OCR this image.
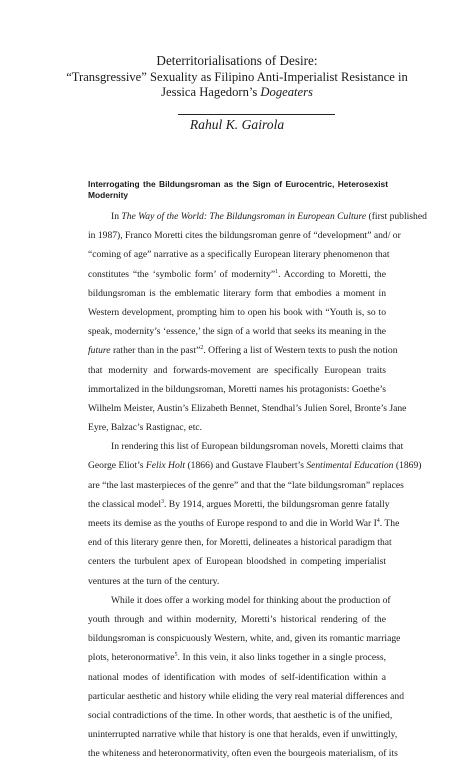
Deterritorialisations of Desire:
“Transgressive” Sexuality as Filipino Anti-Imperialist Resistance in
Jessica Hagedorn’s Dogeaters
Rahul K. Gairola
Interrogating the Bildungsroman as the Sign of Eurocentric, Heterosexist Modernity
In The Way of the World: The Bildungsroman in European Culture (first published
in 1987), Franco Moretti cites the bildungsroman genre of “development” and/ or
“coming of age” narrative as a specifically European literary phenomenon that
constitutes “the ‘symbolic form’ of modernity”$^1$. According to Moretti, the
bildungsroman is the emblematic literary form that embodies a moment in
Western development, prompting him to open his book with “Youth is, so to
speak, modernity’s ‘essence,’ the sign of a world that seeks its meaning in the
future rather than in the past”$^2$. Offering a list of Western texts to push the notion
that modernity and forwards-movement are specifically European traits
immortalized in the bildungsroman, Moretti names his protagonists: Goethe’s
Wilhelm Meister, Austin’s Elizabeth Bennet, Stendhal’s Julien Sorel, Bronte’s Jane
Eyre, Balzac’s Rastignac, etc.
In rendering this list of European bildungsroman novels, Moretti claims that
George Eliot’s Felix Holt (1866) and Gustave Flaubert’s Sentimental Education (1869)
are “the last masterpieces of the genre” and that the “late bildungsroman” replaces
the classical model$^3$. By 1914, argues Moretti, the bildungsroman genre fatally
meets its demise as the youths of Europe respond to and die in World War $I^4$. The
end of this literary genre then, for Moretti, delineates a historical paradigm that
centers the turbulent apex of European bloodshed in competing imperialist
ventures at the turn of the century.
While it does offer a working model for thinking about the production of
youth through and within modernity, Moretti’s historical rendering of the
bildungsroman is conspicuously Western, white, and, given its romantic marriage
plots, heteronormative$^5$. In this vein, it also links together in a single process,
national modes of identification with modes of self-identification within a
particular aesthetic and history while eliding the very real material differences and
social contradictions of the time. In other words, that aesthetic is of the unified,
uninterrupted narrative while that history is one that heralds, even if unwittingly,
the whiteness and heteronormativity, often even the bourgeois materialism, of its
